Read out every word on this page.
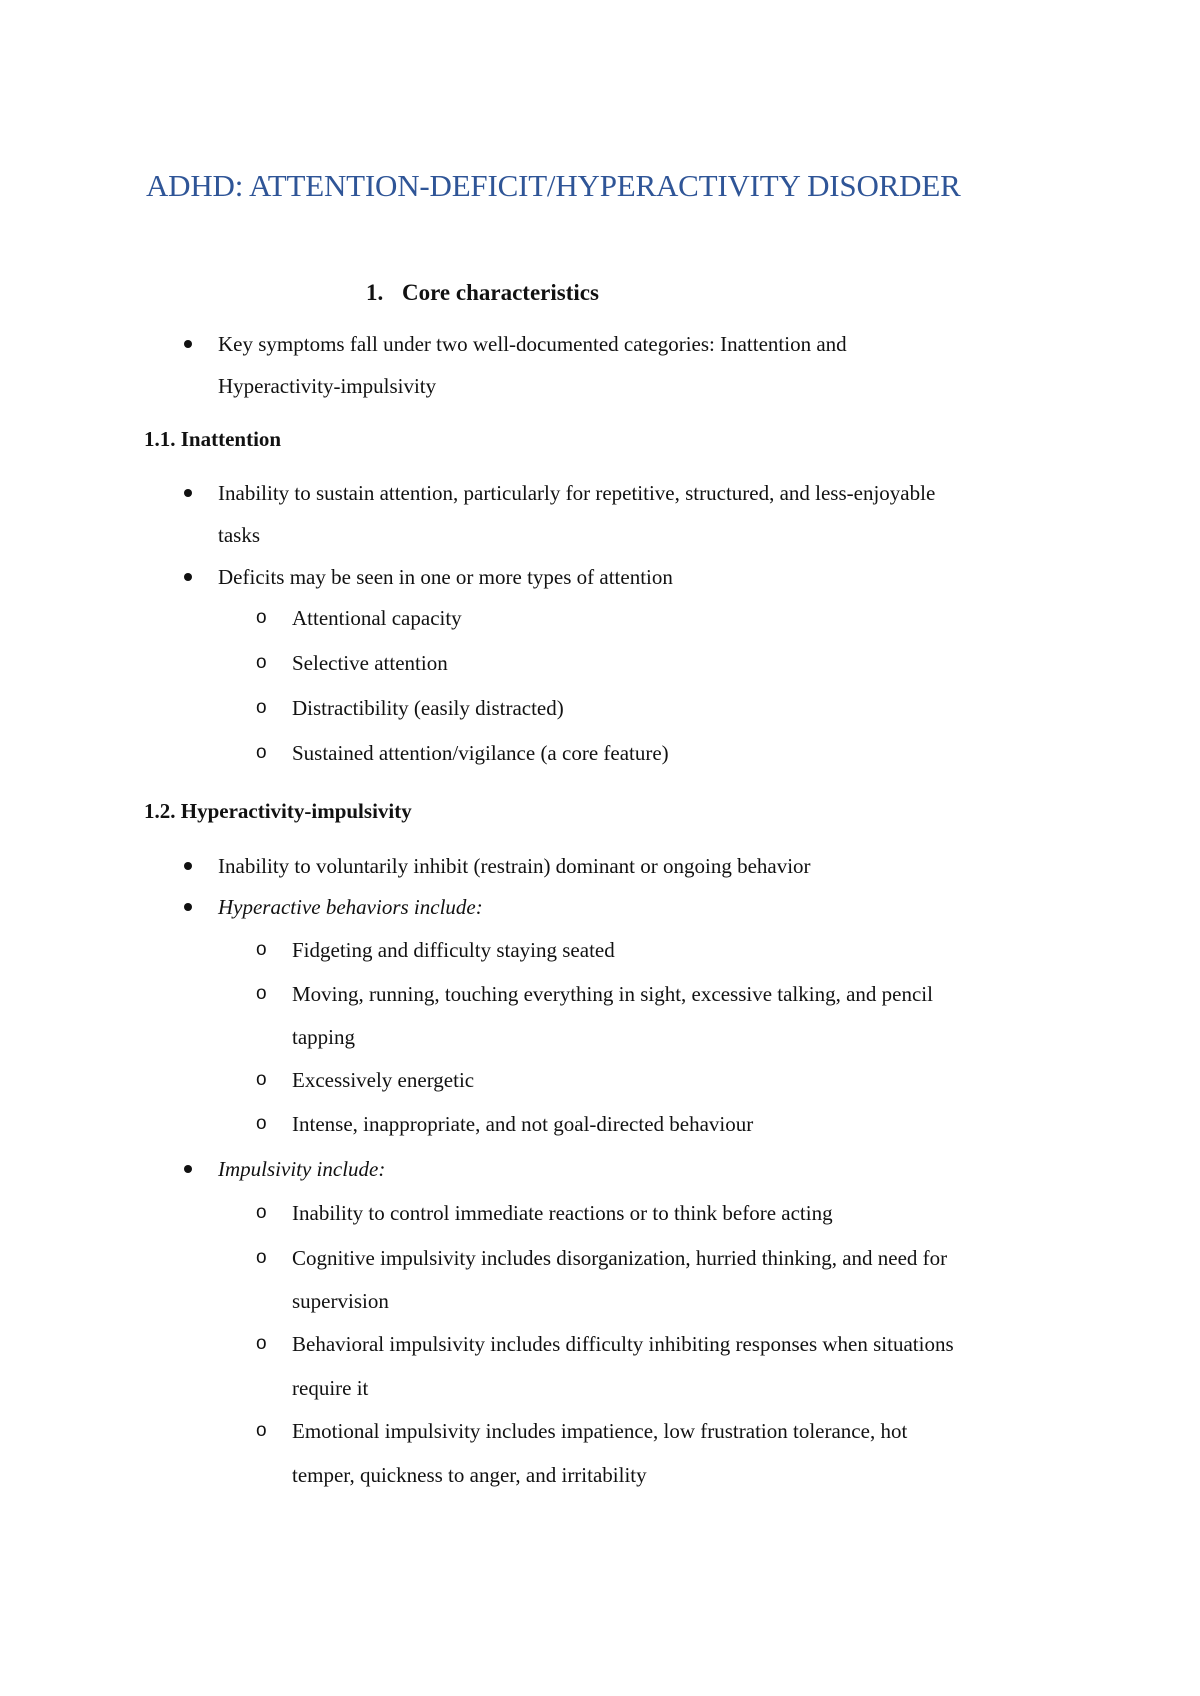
ADHD: ATTENTION-DEFICIT/HYPERACTIVITY DISORDER
1. Core characteristics

Key symptoms fall under two well-documented categories: Inattention and

Hyperactivity-impulsivity

1.1. Inattention

Inability to sustain attention, particularly for repetitive, structured, and less-enjoyable

tasks

Deficits may be seen in one or more types of attention

o Attentional capacity

o Selective attention

o Distractibility (easily distracted)

o Sustained attention/vigilance (a core feature)

1.2. Hyperactivity-impulsivity

Inability to voluntarily inhibit (restrain) dominant or ongoing behavior

Hyperactive behaviors include:

o Fidgeting and difficulty staying seated

o Moving, running, touching everything in sight, excessive talking, and pencil

tapping

o Excessively energetic

o Intense, inappropriate, and not goal-directed behaviour

Impulsivity include:

o Inability to control immediate reactions or to think before acting

o Cognitive impulsivity includes disorganization, hurried thinking, and need for

supervision

o Behavioral impulsivity includes difficulty inhibiting responses when situations

require it

o Emotional impulsivity includes impatience, low frustration tolerance, hot

temper, quickness to anger, and irritability
